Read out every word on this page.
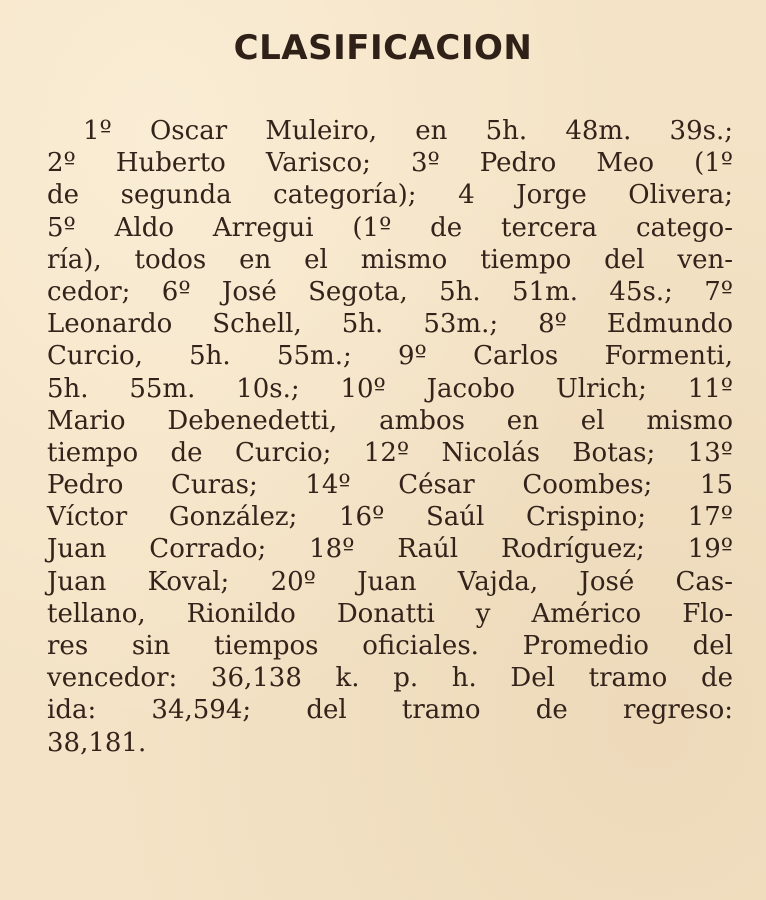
CLASIFICACION
1º Oscar Muleiro, en 5h. 48m. 39s.;
2º Huberto Varisco; 3º Pedro Meo (1º
de segunda categoría); 4 Jorge Olivera;
5º Aldo Arregui (1º de tercera catego-
ría), todos en el mismo tiempo del ven-
cedor; 6º José Segota, 5h. 51m. 45s.; 7º
Leonardo Schell, 5h. 53m.; 8º Edmundo
Curcio, 5h. 55m.; 9º Carlos Formenti,
5h. 55m. 10s.; 10º Jacobo Ulrich; 11º
Mario Debenedetti, ambos en el mismo
tiempo de Curcio; 12º Nicolás Botas; 13º
Pedro Curas; 14º César Coombes; 15
Víctor González; 16º Saúl Crispino; 17º
Juan Corrado; 18º Raúl Rodríguez; 19º
Juan Koval; 20º Juan Vajda, José Cas-
tellano, Rionildo Donatti y Américo Flo-
res sin tiempos oficiales. Promedio del
vencedor: 36,138 k. p. h. Del tramo de
ida: 34,594; del tramo de regreso:
38,181.
